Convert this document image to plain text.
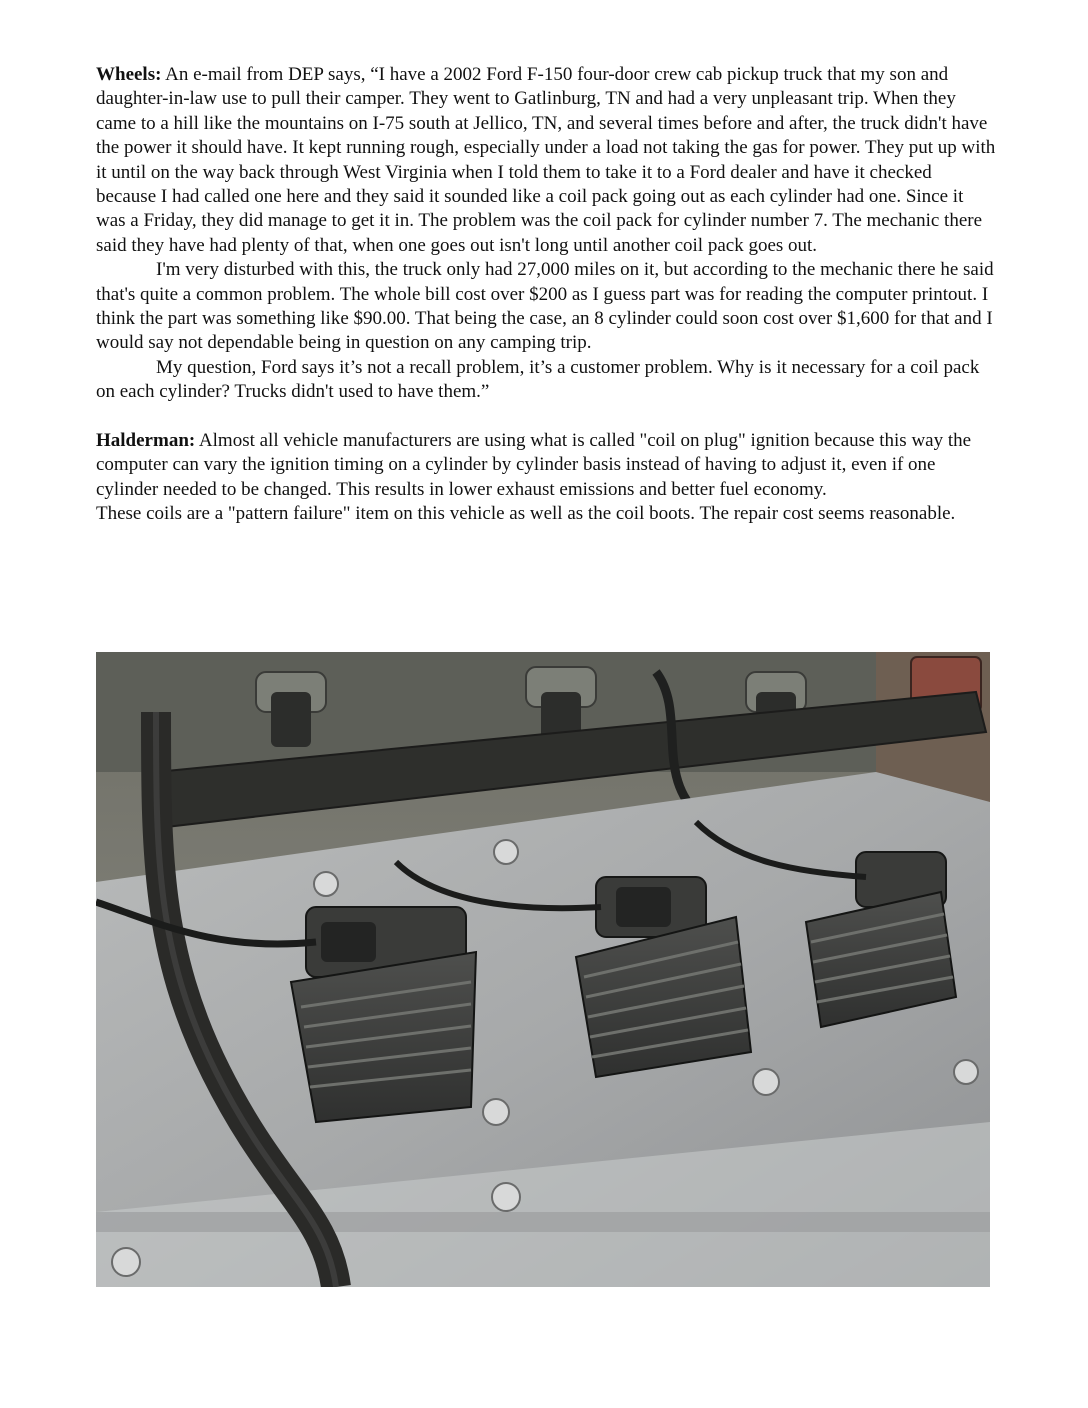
Wheels: An e-mail from DEP says, “I have a 2002 Ford F-150 four-door crew cab pickup truck that my son and daughter-in-law use to pull their camper. They went to Gatlinburg, TN and had a very unpleasant trip. When they came to a hill like the mountains on I-75 south at Jellico, TN, and several times before and after, the truck didn't have the power it should have. It kept running rough, especially under a load not taking the gas for power. They put up with it until on the way back through West Virginia when I told them to take it to a Ford dealer and have it checked because I had called one here and they said it sounded like a coil pack going out as each cylinder had one. Since it was a Friday, they did manage to get it in. The problem was the coil pack for cylinder number 7. The mechanic there said they have had plenty of that, when one goes out isn't long until another coil pack goes out.

I'm very disturbed with this, the truck only had 27,000 miles on it, but according to the mechanic there he said that's quite a common problem. The whole bill cost over $200 as I guess part was for reading the computer printout. I think the part was something like $90.00. That being the case, an 8 cylinder could soon cost over $1,600 for that and I would say not dependable being in question on any camping trip.

My question, Ford says it’s not a recall problem, it’s a customer problem. Why is it necessary for a coil pack on each cylinder? Trucks didn't used to have them.”

Halderman: Almost all vehicle manufacturers are using what is called "coil on plug" ignition because this way the computer can vary the ignition timing on a cylinder by cylinder basis instead of having to adjust it, even if one cylinder needed to be changed. This results in lower exhaust emissions and better fuel economy.

These coils are a "pattern failure" item on this vehicle as well as the coil boots. The repair cost seems reasonable.
